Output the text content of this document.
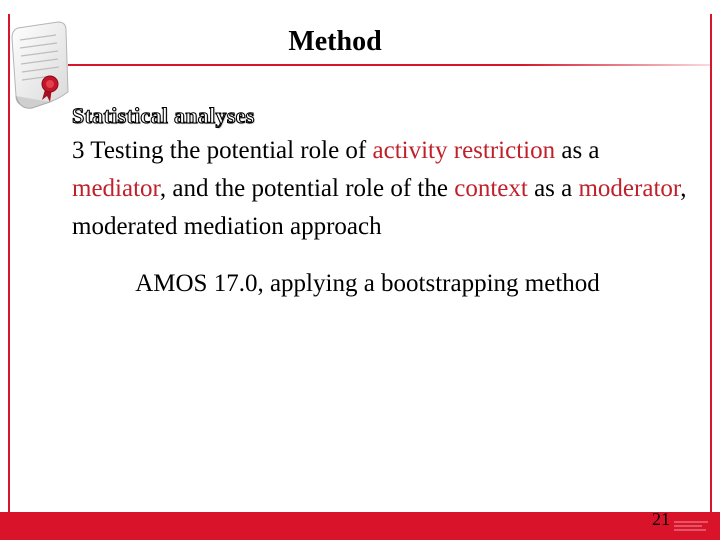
Method
Statistical analyses
3 Testing the potential role of activity restriction as a mediator, and the potential role of the context as a moderator, moderated mediation approach
AMOS 17.0, applying a bootstrapping method
21
